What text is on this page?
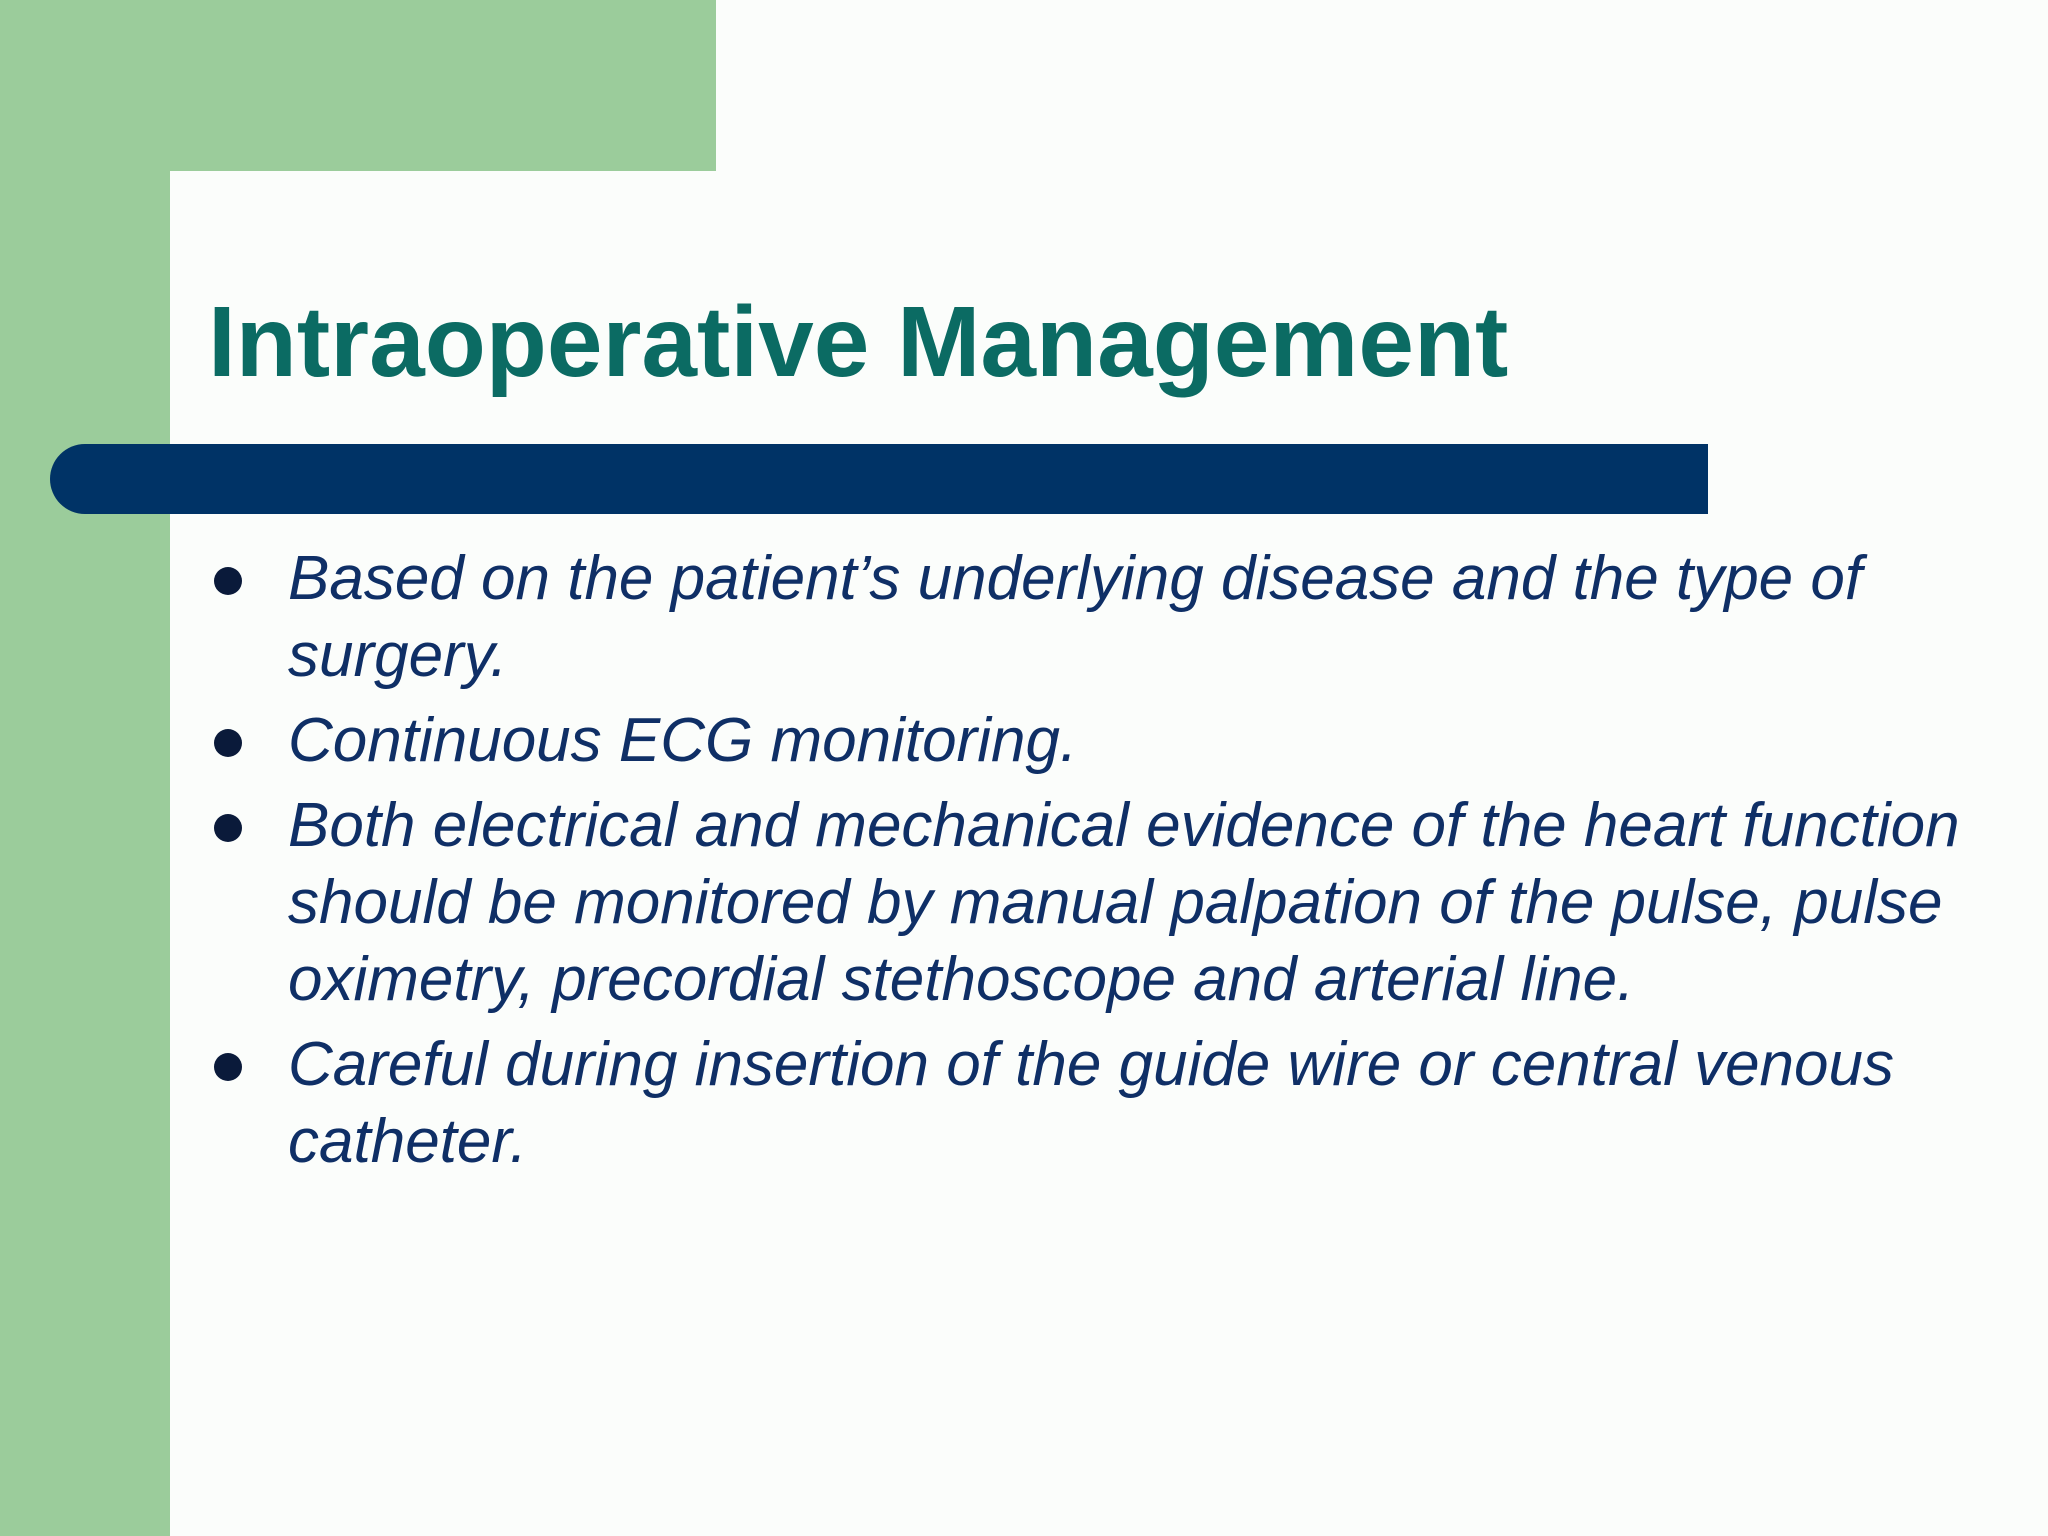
Intraoperative Management
Based on the patient’s underlying disease and the type of surgery.
Continuous ECG monitoring.
Both electrical and mechanical evidence of the heart function should be monitored by manual palpation of the pulse, pulse oximetry, precordial stethoscope and arterial line.
Careful during insertion of the guide wire or central venous catheter.
